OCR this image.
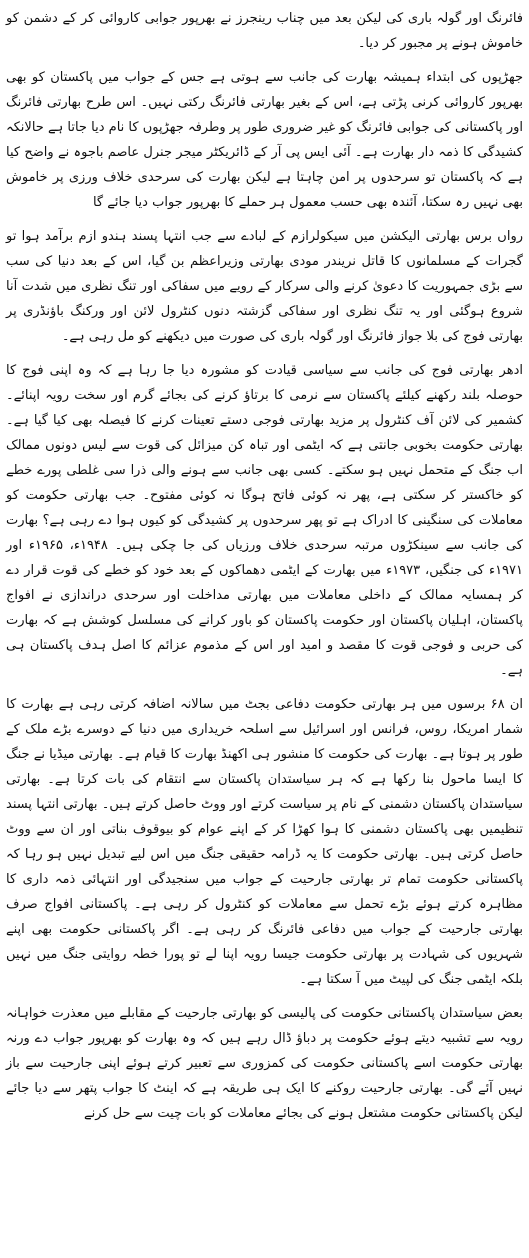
فائرنگ اور گولہ باری کی لیکن بعد میں چناب رینجرز نے بھرپور جوابی کاروائی کر کے دشمن کو خاموش ہونے پر مجبور کر دیا۔

جھڑپوں کی ابتداء ہمیشہ بھارت کی جانب سے ہوتی ہے جس کے جواب میں پاکستان کو بھی بھرپور کاروائی کرنی پڑتی ہے، اس کے بغیر بھارتی فائرنگ رکتی نہیں۔ اس طرح بھارتی فائرنگ اور پاکستانی کی جوابی فائرنگ کو غیر ضروری طور پر وطرفہ جھڑپوں کا نام دیا جاتا ہے حالانکہ کشیدگی کا ذمہ دار بھارت ہے۔ آئی ایس پی آر کے ڈائریکٹر میجر جنرل عاصم باجوہ نے واضح کیا ہے کہ پاکستان تو سرحدوں پر امن چاہتا ہے لیکن بھارت کی سرحدی خلاف ورزی پر خاموش بھی نہیں رہ سکتا، آئندہ بھی حسب معمول ہر حملے کا بھرپور جواب دیا جائے گا

رواں برس بھارتی الیکشن میں سیکولرازم کے لبادے سے جب انتہا پسند ہندو ازم برآمد ہوا تو گجرات کے مسلمانوں کا قاتل نریندر مودی بھارتی وزیراعظم بن گیا، اس کے بعد دنیا کی سب سے بڑی جمہوریت کا دعویٰ کرنے والی سرکار کے رویے میں سفاکی اور تنگ نظری میں شدت آنا شروع ہوگئی اور یہ تنگ نظری اور سفاکی گزشتہ دنوں کنٹرول لائن اور ورکنگ باؤنڈری پر بھارتی فوج کی بلا جواز فائرنگ اور گولہ باری کی صورت میں دیکھنے کو مل رہی ہے۔

ادھر بھارتی فوج کی جانب سے سیاسی قیادت کو مشورہ دیا جا رہا ہے کہ وہ اپنی فوج کا حوصلہ بلند رکھنے کیلئے پاکستان سے نرمی کا برتاؤ کرنے کی بجائے گرم اور سخت رویہ اپنائے۔ کشمیر کی لائن آف کنٹرول پر مزید بھارتی فوجی دستے تعینات کرنے کا فیصلہ بھی کیا گیا ہے۔ بھارتی حکومت بخوبی جانتی ہے کہ ایٹمی اور تباہ کن میزائل کی قوت سے لیس دونوں ممالک اب جنگ کے متحمل نہیں ہو سکتے۔ کسی بھی جانب سے ہونے والی ذرا سی غلطی پورے خطے کو خاکستر کر سکتی ہے، پھر نہ کوئی فاتح ہوگا نہ کوئی مفتوح۔ جب بھارتی حکومت کو معاملات کی سنگینی کا ادراک ہے تو پھر سرحدوں پر کشیدگی کو کیوں ہوا دے رہی ہے؟ بھارت کی جانب سے سینکڑوں مرتبہ سرحدی خلاف ورزیاں کی جا چکی ہیں۔ ۱۹۴۸ء، ۱۹۶۵ء اور ۱۹۷۱ء کی جنگیں، ۱۹۷۳ء میں بھارت کے ایٹمی دھماکوں کے بعد خود کو خطے کی قوت قرار دے کر ہمسایہ ممالک کے داخلی معاملات میں بھارتی مداخلت اور سرحدی دراندازی نے افواج پاکستان، اہلیان پاکستان اور حکومت پاکستان کو باور کرانے کی مسلسل کوشش ہے کہ بھارت کی حربی و فوجی قوت کا مقصد و امید اور اس کے مذموم عزائم کا اصل ہدف پاکستان ہی ہے۔

ان ۶۸ برسوں میں ہر بھارتی حکومت دفاعی بجٹ میں سالانہ اضافہ کرتی رہی ہے بھارت کا شمار امریکا، روس، فرانس اور اسرائیل سے اسلحہ خریداری میں دنیا کے دوسرے بڑے ملک کے طور پر ہوتا ہے۔ بھارت کی حکومت کا منشور ہی اکھنڈ بھارت کا قیام ہے۔ بھارتی میڈیا نے جنگ کا ایسا ماحول بنا رکھا ہے کہ ہر سیاستدان پاکستان سے انتقام کی بات کرتا ہے۔ بھارتی سیاستدان پاکستان دشمنی کے نام پر سیاست کرتے اور ووٹ حاصل کرتے ہیں۔ بھارتی انتہا پسند تنظیمیں بھی پاکستان دشمنی کا ہوا کھڑا کر کے اپنے عوام کو بیوقوف بناتی اور ان سے ووٹ حاصل کرتی ہیں۔ بھارتی حکومت کا یہ ڈرامہ حقیقی جنگ میں اس لیے تبدیل نہیں ہو رہا کہ پاکستانی حکومت تمام تر بھارتی جارحیت کے جواب میں سنجیدگی اور انتہائی ذمہ داری کا مظاہرہ کرتے ہوئے بڑے تحمل سے معاملات کو کنٹرول کر رہی ہے۔ پاکستانی افواج صرف بھارتی جارحیت کے جواب میں دفاعی فائرنگ کر رہی ہے۔ اگر پاکستانی حکومت بھی اپنے شہریوں کی شہادت پر بھارتی حکومت جیسا رویہ اپنا لے تو پورا خطہ روایتی جنگ میں نہیں بلکہ ایٹمی جنگ کی لپیٹ میں آ سکتا ہے۔

بعض سیاستدان پاکستانی حکومت کی پالیسی کو بھارتی جارحیت کے مقابلے میں معذرت خواہانہ رویہ سے تشبیہ دیتے ہوئے حکومت پر دباؤ ڈال رہے ہیں کہ وہ بھارت کو بھرپور جواب دے ورنہ بھارتی حکومت اسے پاکستانی حکومت کی کمزوری سے تعبیر کرتے ہوئے اپنی جارحیت سے باز نہیں آئے گی۔ بھارتی جارحیت روکنے کا ایک ہی طریقہ ہے کہ اینٹ کا جواب پتھر سے دیا جائے لیکن پاکستانی حکومت مشتعل ہونے کی بجائے معاملات کو بات چیت سے حل کرنے
